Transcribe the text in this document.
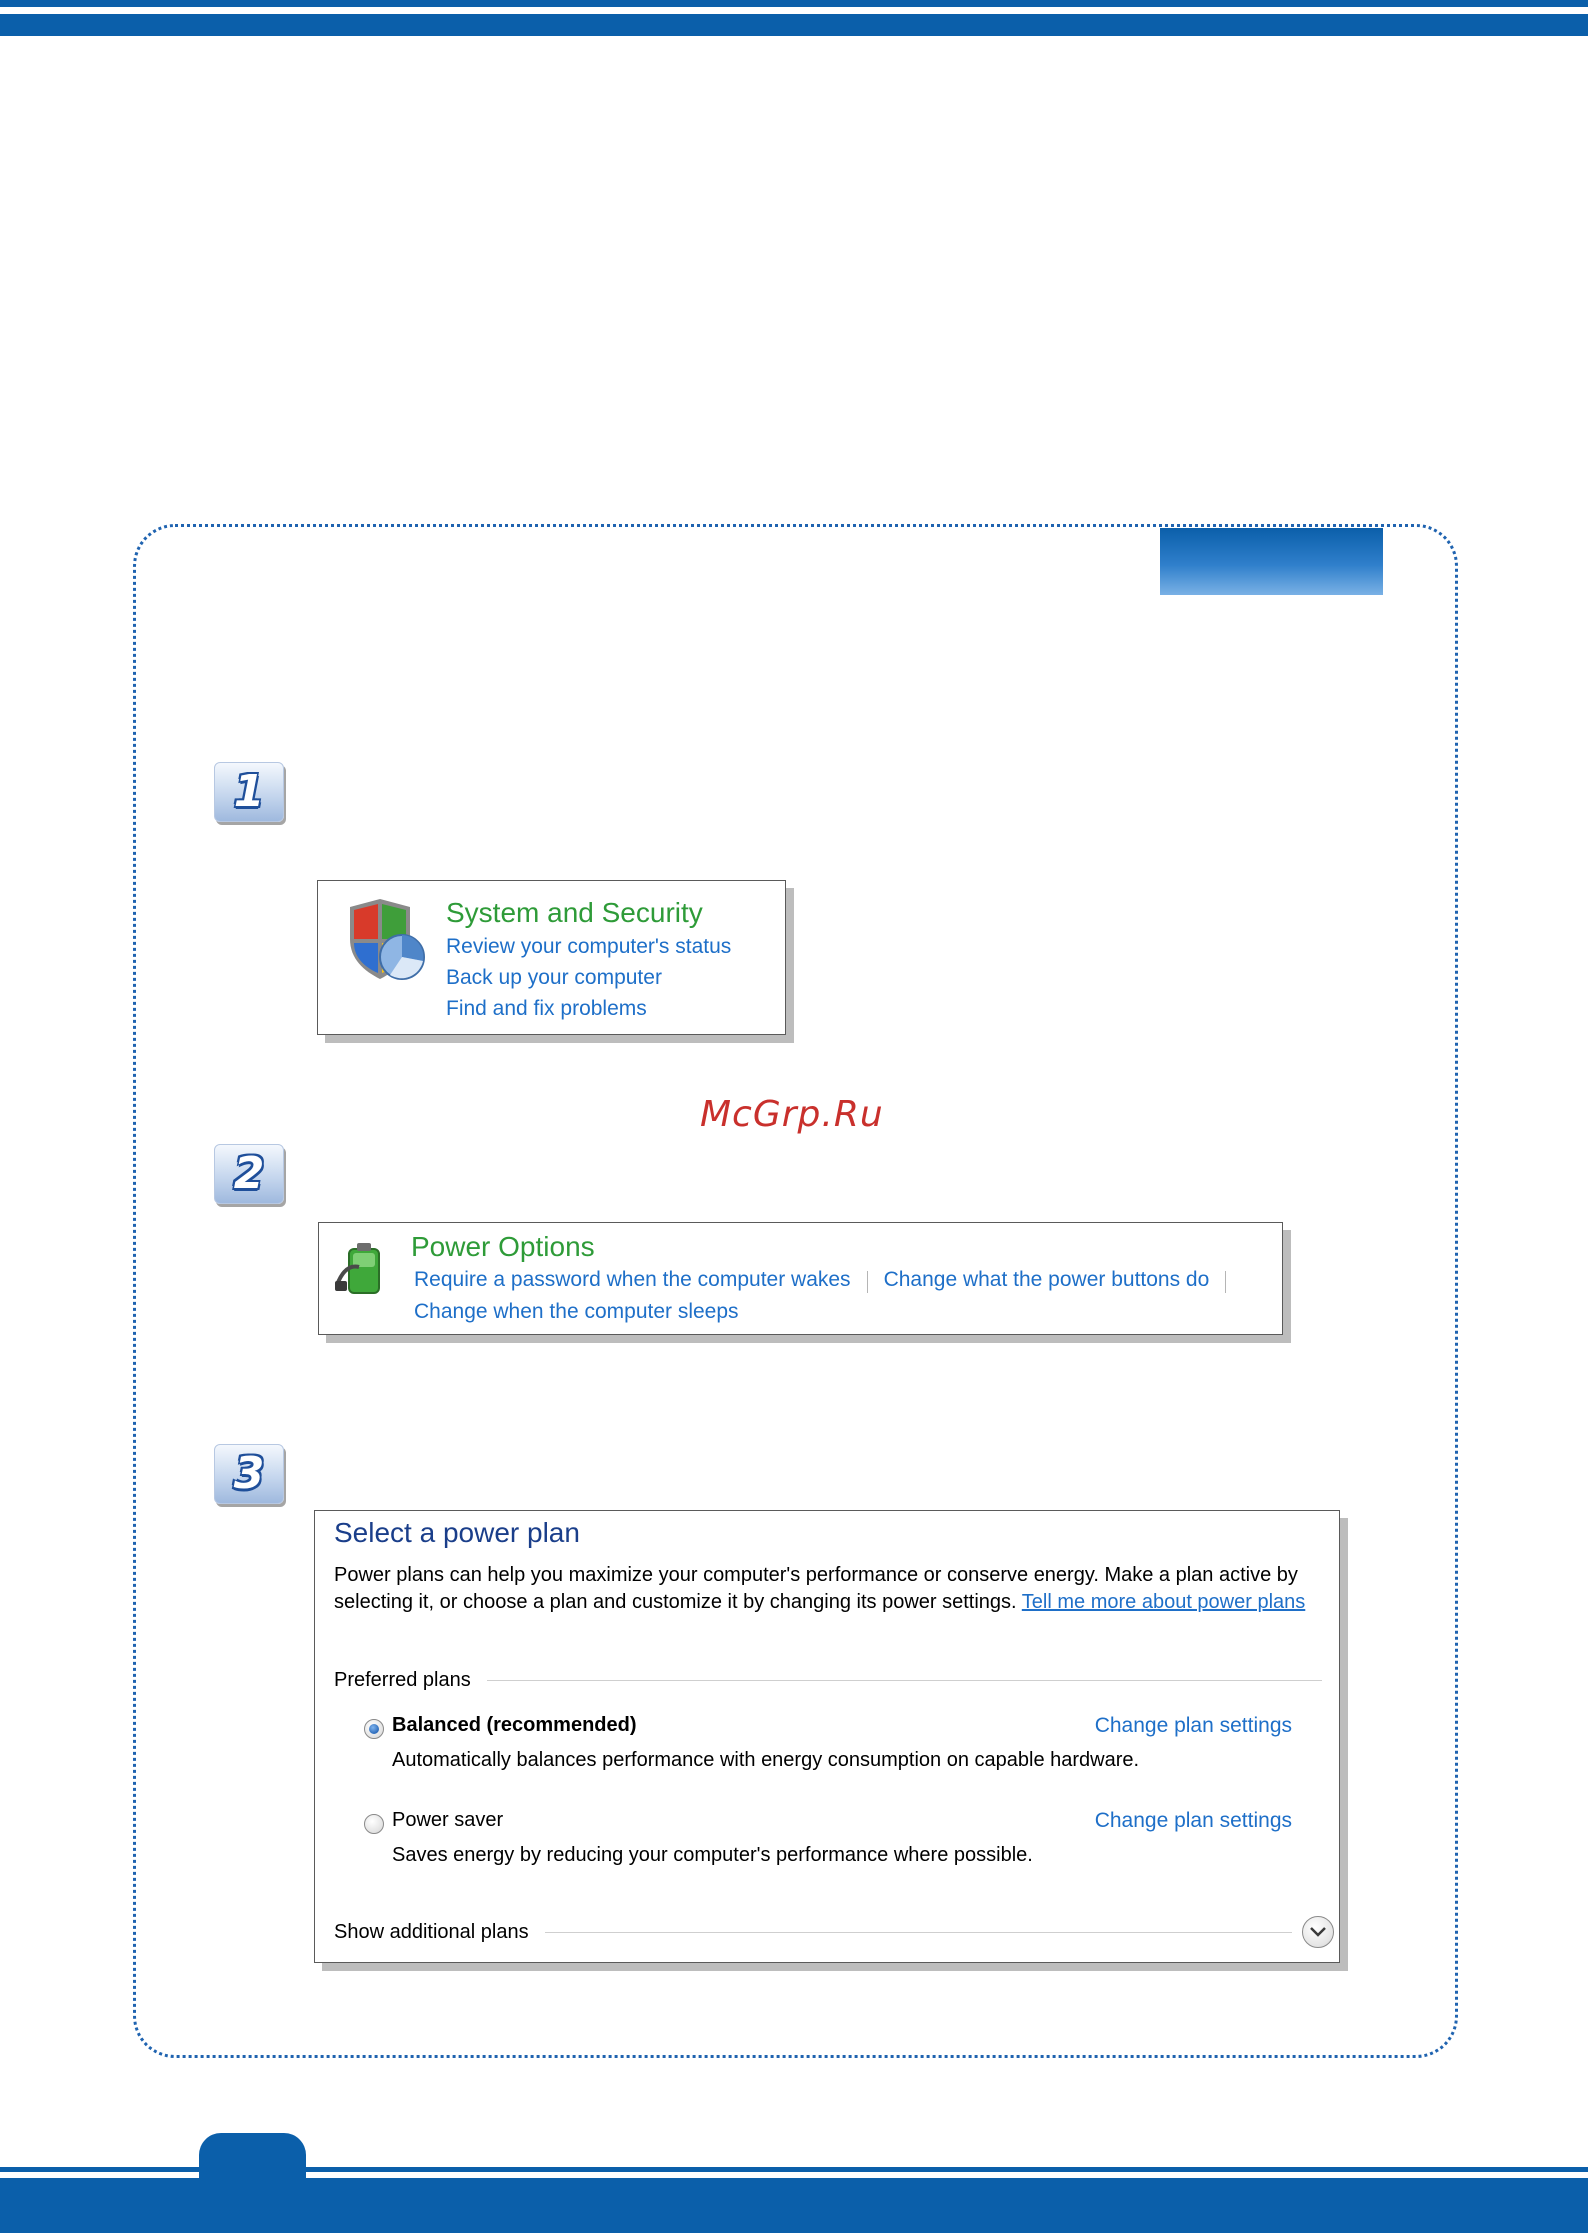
1
2
3
System and Security
Review your computer's status
Back up your computer
Find and fix problems
McGrp.Ru
Power Options
Require a password when the computer wakes Change what the power buttons do
Change when the computer sleeps
Select a power plan
Power plans can help you maximize your computer's performance or conserve energy. Make a plan active by selecting it, or choose a plan and customize it by changing its power settings. Tell me more about power plans
Preferred plans
Balanced (recommended)	Change plan settings
Automatically balances performance with energy consumption on capable hardware.
Power saver	Change plan settings
Saves energy by reducing your computer's performance where possible.
Show additional plans
